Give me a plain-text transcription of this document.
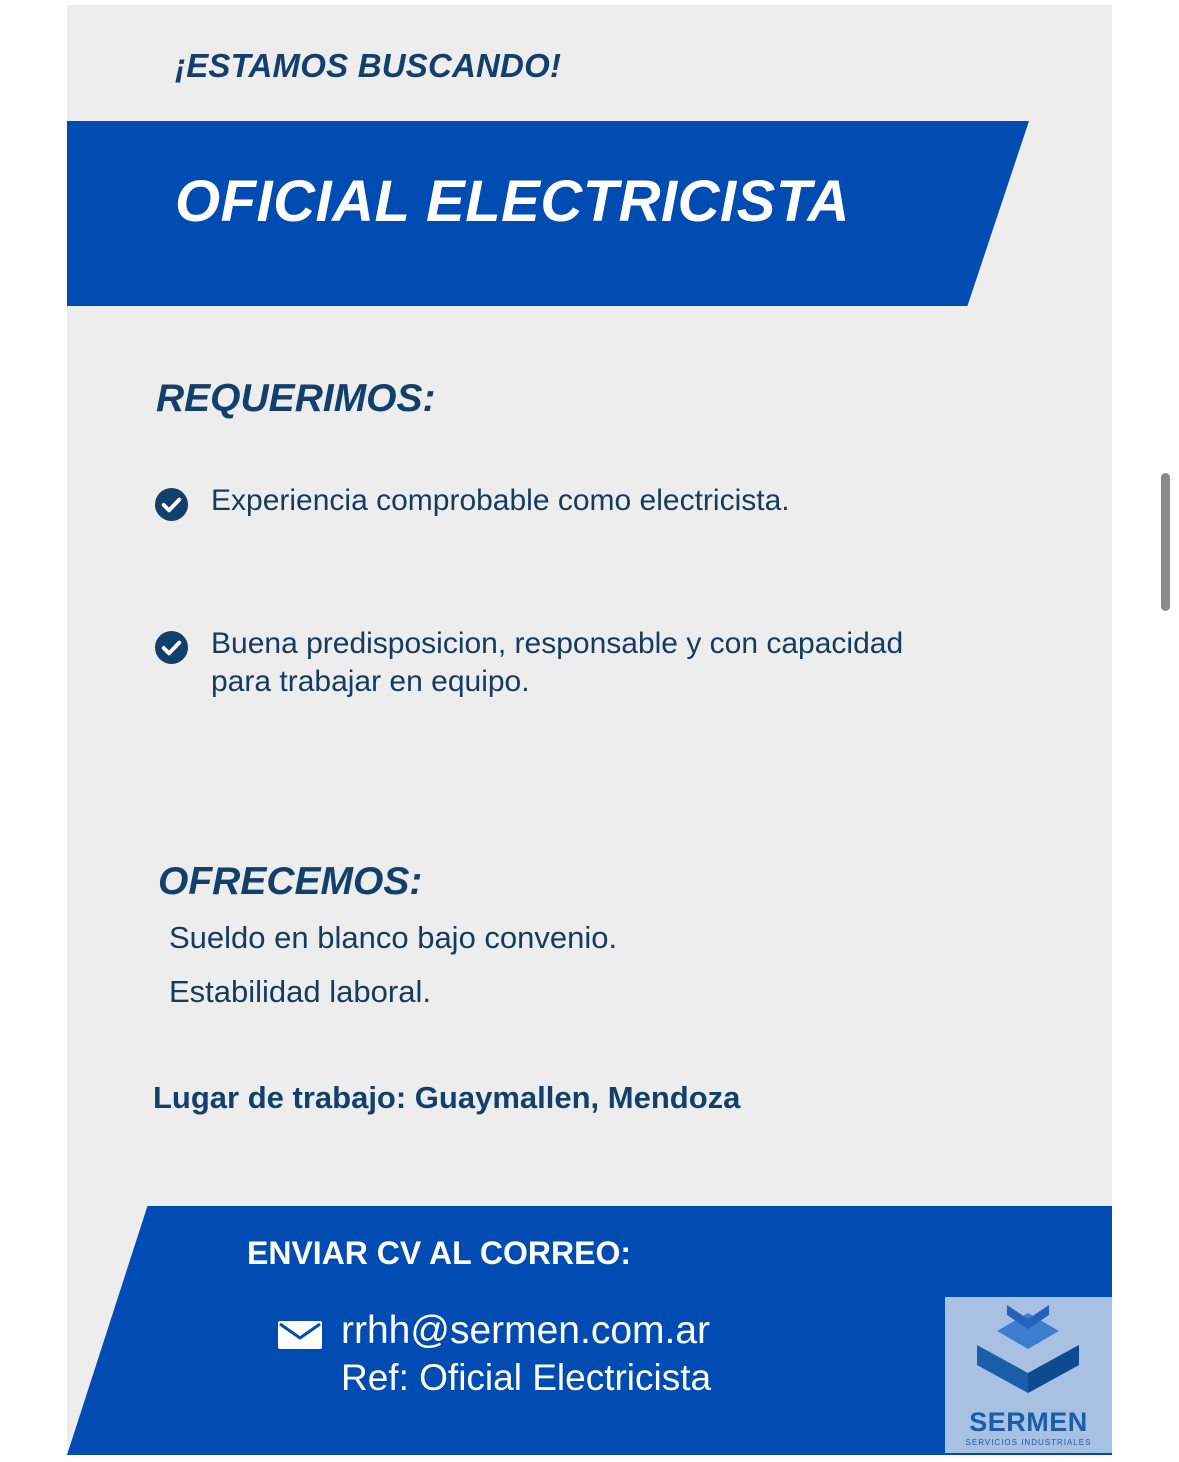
¡ESTAMOS BUSCANDO!
OFICIAL ELECTRICISTA
REQUERIMOS:
Experiencia comprobable como electricista.
Buena predisposicion, responsable y con capacidad para trabajar en equipo.
OFRECEMOS:
Sueldo en blanco bajo convenio.
Estabilidad laboral.
Lugar de trabajo: Guaymallen, Mendoza
ENVIAR CV AL CORREO:
rrhh@sermen.com.ar
Ref: Oficial Electricista
SERMEN
SERVICIOS INDUSTRIALES
